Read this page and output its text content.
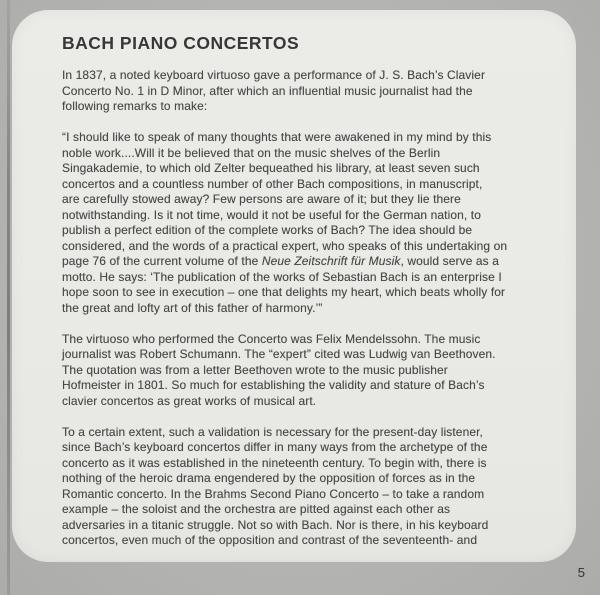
BACH PIANO CONCERTOS

In 1837, a noted keyboard virtuoso gave a performance of J. S. Bach’s Clavier
Concerto No. 1 in D Minor, after which an influential music journalist had the
following remarks to make:

“I should like to speak of many thoughts that were awakened in my mind by this
noble work....Will it be believed that on the music shelves of the Berlin
Singakademie, to which old Zelter bequeathed his library, at least seven such
concertos and a countless number of other Bach compositions, in manuscript,
are carefully stowed away? Few persons are aware of it; but they lie there
notwithstanding. Is it not time, would it not be useful for the German nation, to
publish a perfect edition of the complete works of Bach? The idea should be
considered, and the words of a practical expert, who speaks of this undertaking on
page 76 of the current volume of the Neue Zeitschrift für Musik, would serve as a
motto. He says: ‘The publication of the works of Sebastian Bach is an enterprise I
hope soon to see in execution – one that delights my heart, which beats wholly for
the great and lofty art of this father of harmony.’”

The virtuoso who performed the Concerto was Felix Mendelssohn. The music
journalist was Robert Schumann. The “expert” cited was Ludwig van Beethoven.
The quotation was from a letter Beethoven wrote to the music publisher
Hofmeister in 1801. So much for establishing the validity and stature of Bach’s
clavier concertos as great works of musical art.

To a certain extent, such a validation is necessary for the present-day listener,
since Bach’s keyboard concertos differ in many ways from the archetype of the
concerto as it was established in the nineteenth century. To begin with, there is
nothing of the heroic drama engendered by the opposition of forces as in the
Romantic concerto. In the Brahms Second Piano Concerto – to take a random
example – the soloist and the orchestra are pitted against each other as
adversaries in a titanic struggle. Not so with Bach. Nor is there, in his keyboard
concertos, even much of the opposition and contrast of the seventeenth- and

5
